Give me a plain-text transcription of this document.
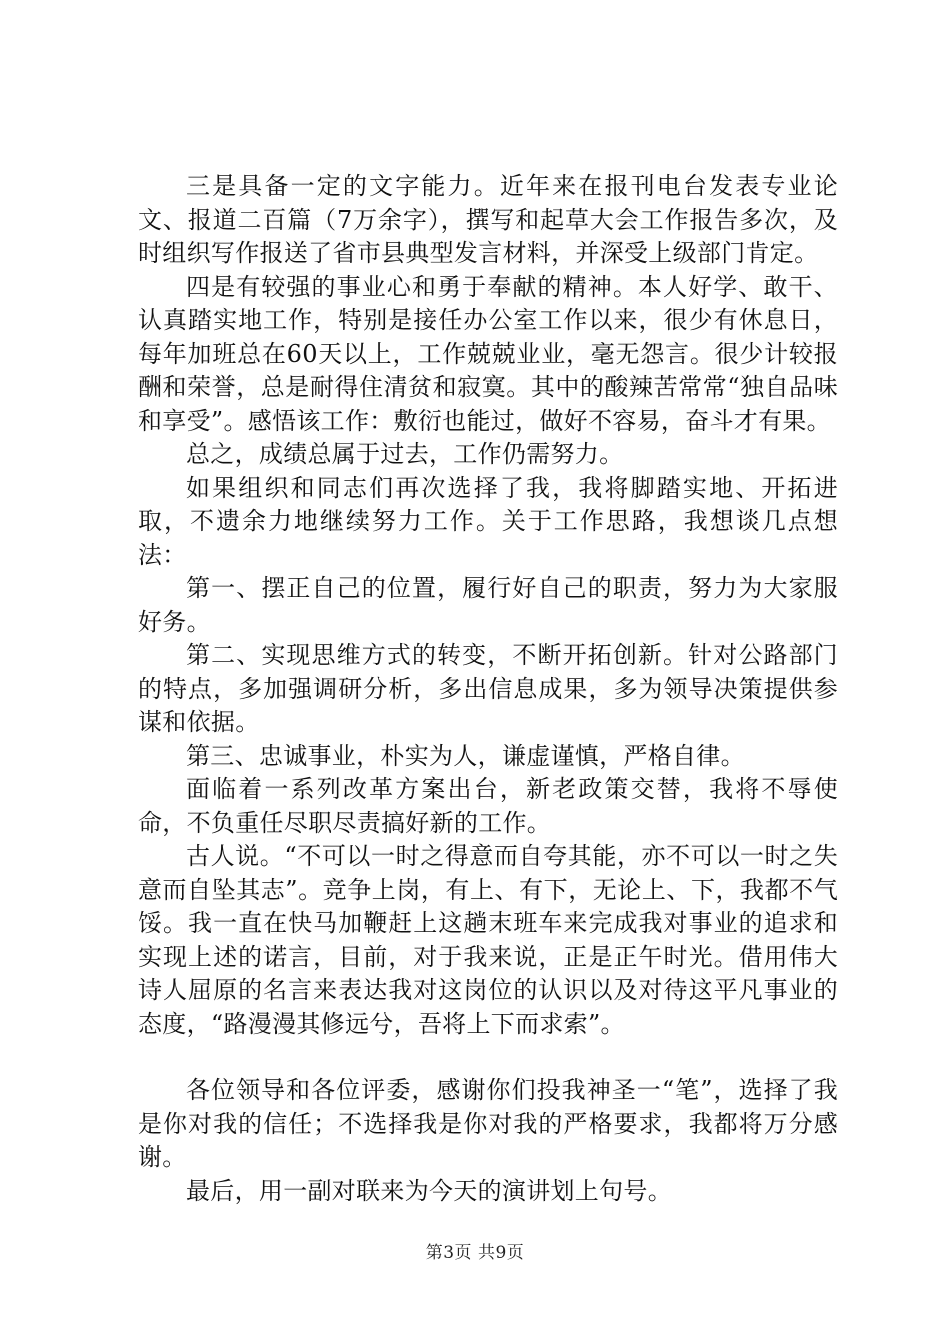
三是具备一定的文字能力。近年来在报刊电台发表专业论文、报道二百篇（7万余字），撰写和起草大会工作报告多次，及时组织写作报送了省市县典型发言材料，并深受上级部门肯定。

四是有较强的事业心和勇于奉献的精神。本人好学、敢干、认真踏实地工作，特别是接任办公室工作以来，很少有休息日，每年加班总在60天以上，工作兢兢业业，毫无怨言。很少计较报酬和荣誉，总是耐得住清贫和寂寞。其中的酸辣苦常常“独自品味和享受”。感悟该工作：敷衍也能过，做好不容易，奋斗才有果。

总之，成绩总属于过去，工作仍需努力。

如果组织和同志们再次选择了我，我将脚踏实地、开拓进取，不遗余力地继续努力工作。关于工作思路，我想谈几点想法：

第一、摆正自己的位置，履行好自己的职责，努力为大家服好务。

第二、实现思维方式的转变，不断开拓创新。针对公路部门的特点，多加强调研分析，多出信息成果，多为领导决策提供参谋和依据。

第三、忠诚事业，朴实为人，谦虚谨慎，严格自律。

面临着一系列改革方案出台，新老政策交替，我将不辱使命，不负重任尽职尽责搞好新的工作。

古人说。“不可以一时之得意而自夸其能，亦不可以一时之失意而自坠其志”。竞争上岗，有上、有下，无论上、下，我都不气馁。我一直在快马加鞭赶上这趟末班车来完成我对事业的追求和实现上述的诺言，目前，对于我来说，正是正午时光。借用伟大诗人屈原的名言来表达我对这岗位的认识以及对待这平凡事业的态度，“路漫漫其修远兮，吾将上下而求索”。

各位领导和各位评委，感谢你们投我神圣一“笔”，选择了我是你对我的信任；不选择我是你对我的严格要求，我都将万分感谢。

最后，用一副对联来为今天的演讲划上句号。

第3页 共9页
